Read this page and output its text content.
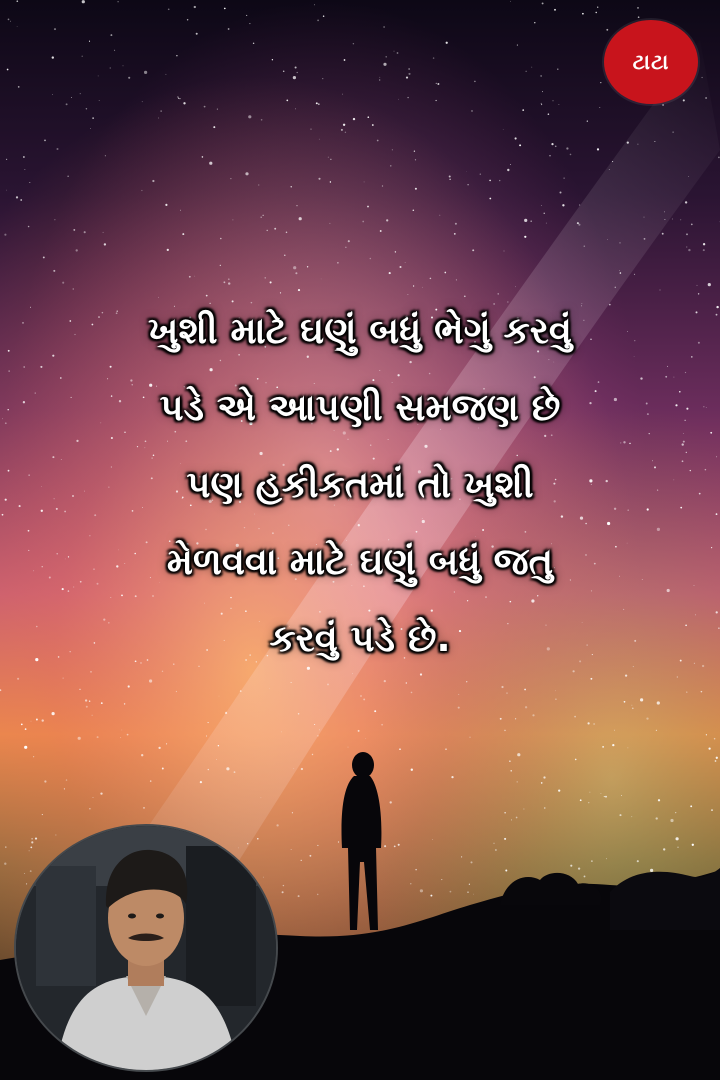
ટાટા

ખુશી માટે ઘણું બધું ભેગું કરવું
પડે એ આપણી સમજણ છે
પણ હકીકતમાં તો ખુશી
મેળવવા માટે ઘણું બધું જતુ
કરવું પડે છે.
